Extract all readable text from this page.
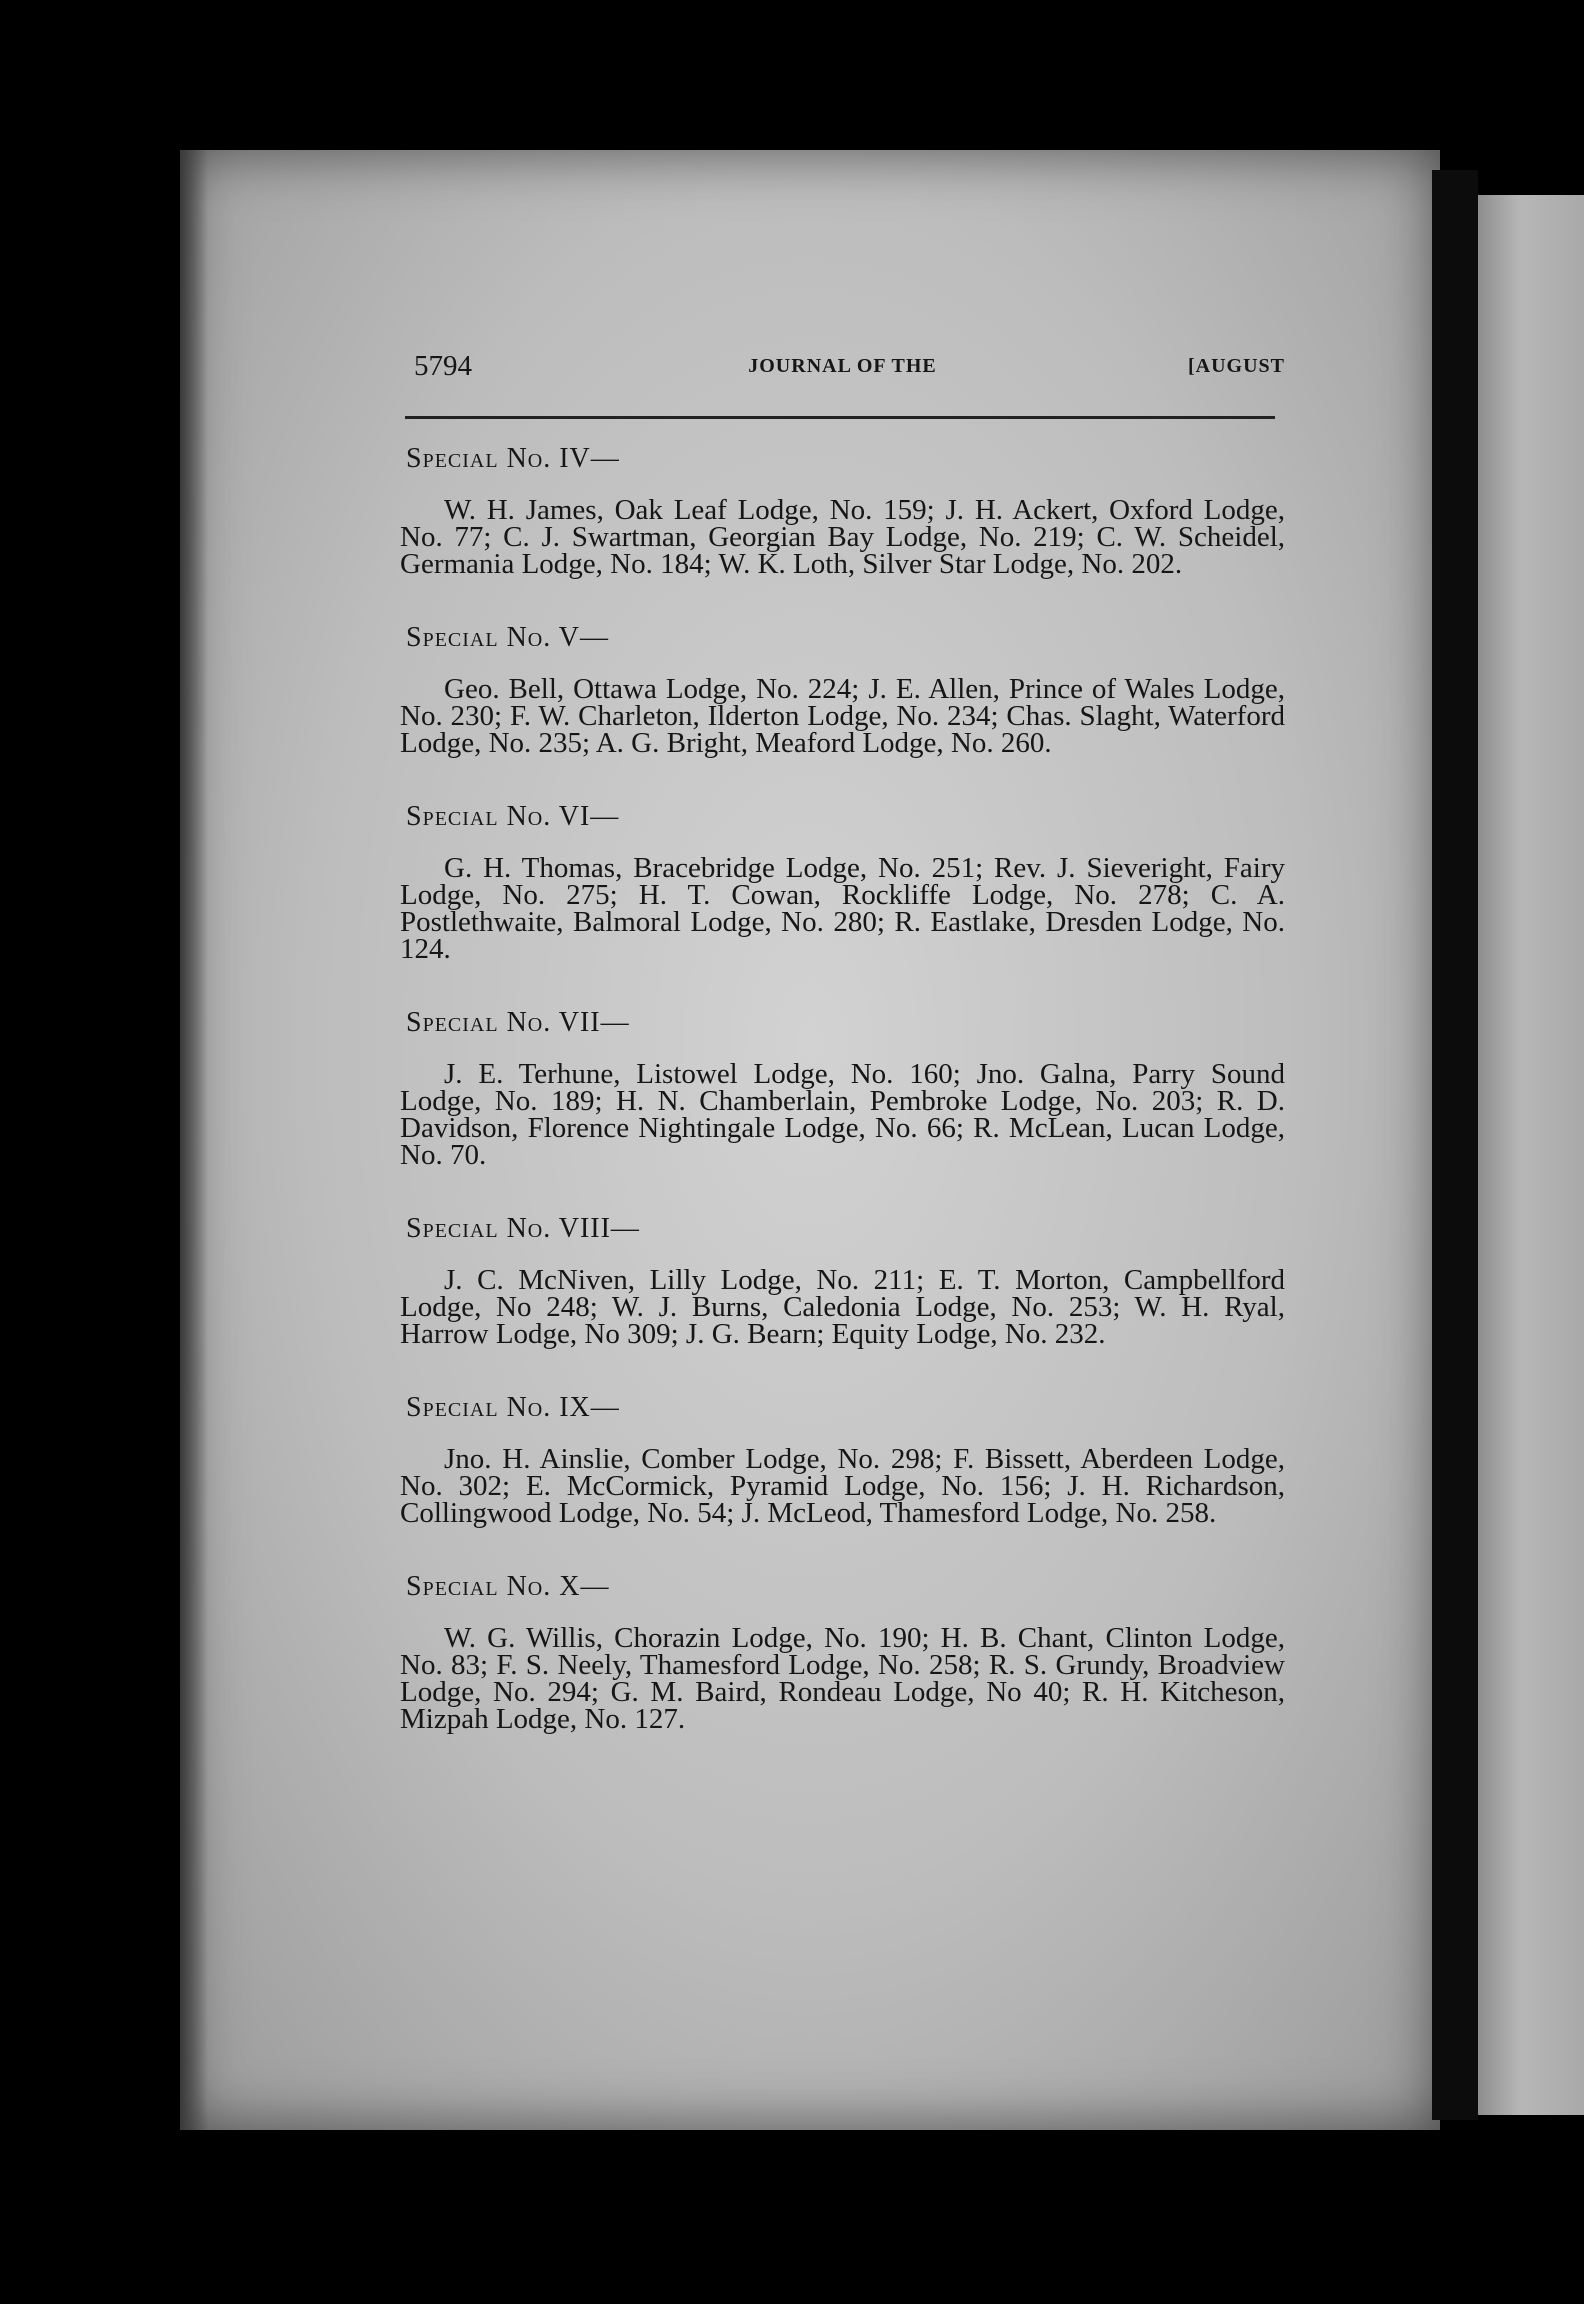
5794	JOURNAL OF THE	[AUGUST
Special No. IV—

W. H. James, Oak Leaf Lodge, No. 159; J. H. Ackert, Oxford Lodge, No. 77; C. J. Swartman, Georgian Bay Lodge, No. 219; C. W. Scheidel, Germania Lodge, No. 184; W. K. Loth, Silver Star Lodge, No. 202.

Special No. V—

Geo. Bell, Ottawa Lodge, No. 224; J. E. Allen, Prince of Wales Lodge, No. 230; F. W. Charleton, Ilderton Lodge, No. 234; Chas. Slaght, Waterford Lodge, No. 235; A. G. Bright, Meaford Lodge, No. 260.

Special No. VI—

G. H. Thomas, Bracebridge Lodge, No. 251; Rev. J. Sieveright, Fairy Lodge, No. 275; H. T. Cowan, Rockliffe Lodge, No. 278; C. A. Postlethwaite, Balmoral Lodge, No. 280; R. Eastlake, Dresden Lodge, No. 124.

Special No. VII—

J. E. Terhune, Listowel Lodge, No. 160; Jno. Galna, Parry Sound Lodge, No. 189; H. N. Chamberlain, Pembroke Lodge, No. 203; R. D. Davidson, Florence Nightingale Lodge, No. 66; R. McLean, Lucan Lodge, No. 70.

Special No. VIII—

J. C. McNiven, Lilly Lodge, No. 211; E. T. Morton, Campbellford Lodge, No 248; W. J. Burns, Caledonia Lodge, No. 253; W. H. Ryal, Harrow Lodge, No 309; J. G. Bearn; Equity Lodge, No. 232.

Special No. IX—

Jno. H. Ainslie, Comber Lodge, No. 298; F. Bissett, Aberdeen Lodge, No. 302; E. McCormick, Pyramid Lodge, No. 156; J. H. Richardson, Collingwood Lodge, No. 54; J. McLeod, Thamesford Lodge, No. 258.

Special No. X—

W. G. Willis, Chorazin Lodge, No. 190; H. B. Chant, Clinton Lodge, No. 83; F. S. Neely, Thamesford Lodge, No. 258; R. S. Grundy, Broadview Lodge, No. 294; G. M. Baird, Rondeau Lodge, No 40; R. H. Kitcheson, Mizpah Lodge, No. 127.
